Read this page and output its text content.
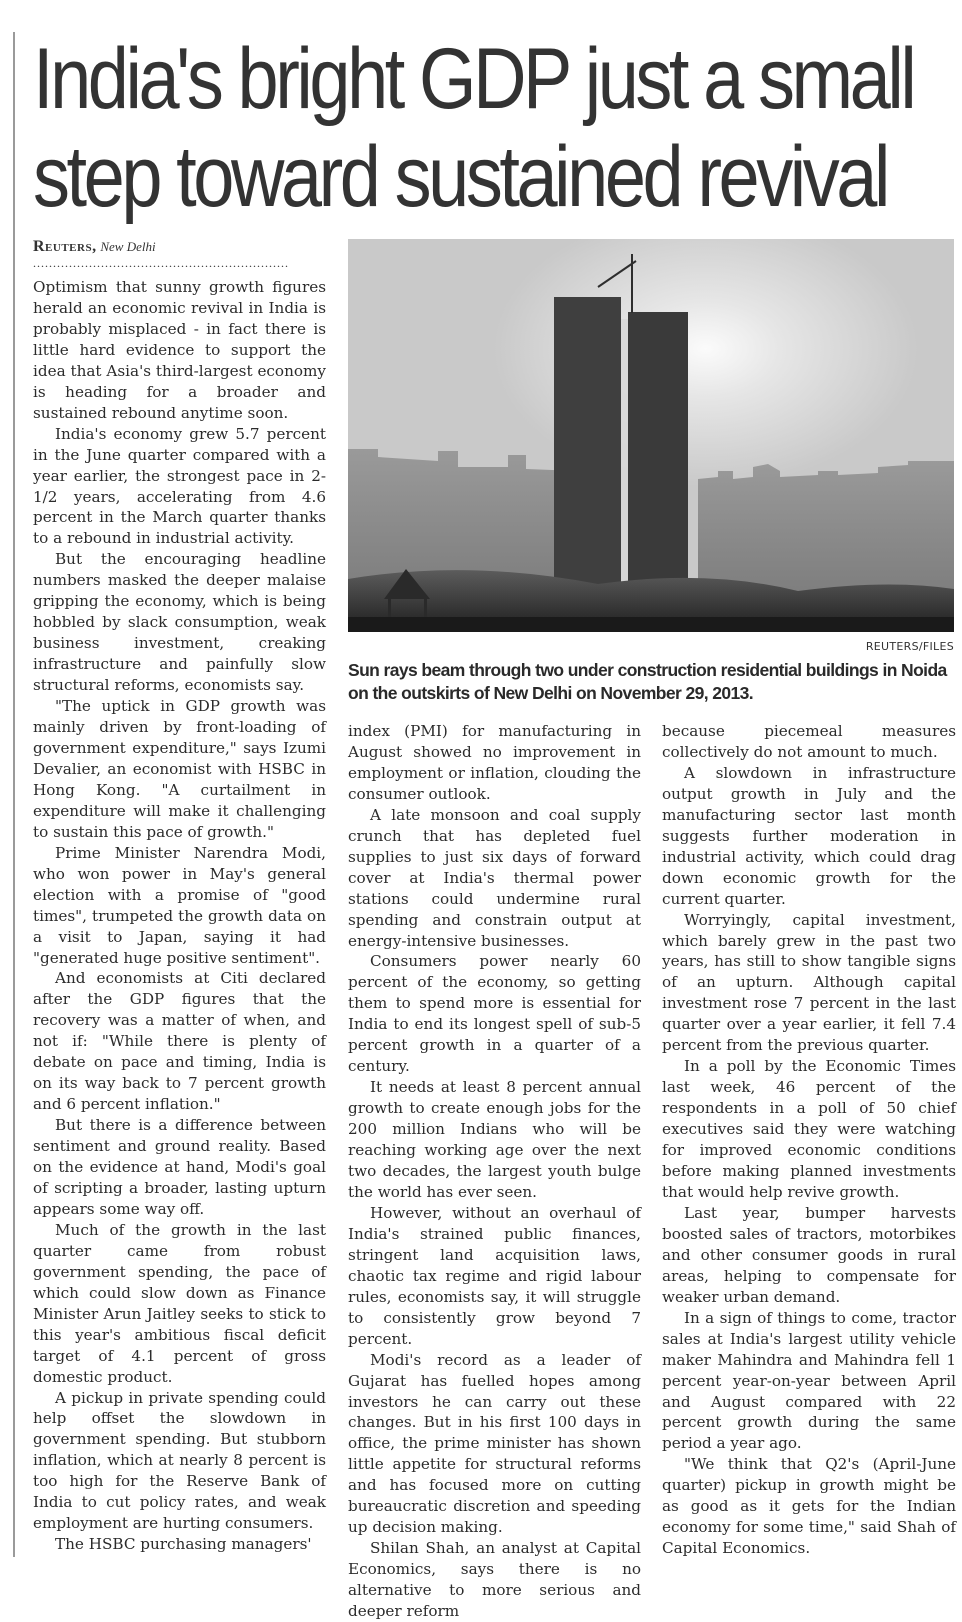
India's bright GDP just a small
step toward sustained revival
Reuters, New Delhi
................................................................

Optimism that sunny growth figures herald an economic revival in India is probably misplaced - in fact there is little hard evidence to support the idea that Asia's third-largest economy is heading for a broader and sustained rebound anytime soon.

India's economy grew 5.7 percent in the June quarter compared with a year earlier, the strongest pace in 2-1/2 years, accelerating from 4.6 percent in the March quarter thanks to a rebound in industrial activity.

But the encouraging headline numbers masked the deeper malaise gripping the economy, which is being hobbled by slack consumption, weak business investment, creaking infrastructure and painfully slow structural reforms, economists say.

"The uptick in GDP growth was mainly driven by front-loading of government expenditure," says Izumi Devalier, an economist with HSBC in Hong Kong. "A curtailment in expenditure will make it challenging to sustain this pace of growth."

Prime Minister Narendra Modi, who won power in May's general election with a promise of "good times", trumpeted the growth data on a visit to Japan, saying it had "generated huge positive sentiment".

And economists at Citi declared after the GDP figures that the recovery was a matter of when, and not if: "While there is plenty of debate on pace and timing, India is on its way back to 7 percent growth and 6 percent inflation."

But there is a difference between sentiment and ground reality. Based on the evidence at hand, Modi's goal of scripting a broader, lasting upturn appears some way off.

Much of the growth in the last quarter came from robust government spending, the pace of which could slow down as Finance Minister Arun Jaitley seeks to stick to this year's ambitious fiscal deficit target of 4.1 percent of gross domestic product.

A pickup in private spending could help offset the slowdown in government spending. But stubborn inflation, which at nearly 8 percent is too high for the Reserve Bank of India to cut policy rates, and weak employment are hurting consumers.

The HSBC purchasing managers'

REUTERS/FILES
Sun rays beam through two under construction residential buildings in Noida on the outskirts of New Delhi on November 29, 2013.

index (PMI) for manufacturing in August showed no improvement in employment or inflation, clouding the consumer outlook.

A late monsoon and coal supply crunch that has depleted fuel supplies to just six days of forward cover at India's thermal power stations could undermine rural spending and constrain output at energy-intensive businesses.

Consumers power nearly 60 percent of the economy, so getting them to spend more is essential for India to end its longest spell of sub-5 percent growth in a quarter of a century.

It needs at least 8 percent annual growth to create enough jobs for the 200 million Indians who will be reaching working age over the next two decades, the largest youth bulge the world has ever seen.

However, without an overhaul of India's strained public finances, stringent land acquisition laws, chaotic tax regime and rigid labour rules, economists say, it will struggle to consistently grow beyond 7 percent.

Modi's record as a leader of Gujarat has fuelled hopes among investors he can carry out these changes. But in his first 100 days in office, the prime minister has shown little appetite for structural reforms and has focused more on cutting bureaucratic discretion and speeding up decision making.

Shilan Shah, an analyst at Capital Economics, says there is no alternative to more serious and deeper reform

because piecemeal measures collectively do not amount to much.

A slowdown in infrastructure output growth in July and the manufacturing sector last month suggests further moderation in industrial activity, which could drag down economic growth for the current quarter.

Worryingly, capital investment, which barely grew in the past two years, has still to show tangible signs of an upturn. Although capital investment rose 7 percent in the last quarter over a year earlier, it fell 7.4 percent from the previous quarter.

In a poll by the Economic Times last week, 46 percent of the respondents in a poll of 50 chief executives said they were watching for improved economic conditions before making planned investments that would help revive growth.

Last year, bumper harvests boosted sales of tractors, motorbikes and other consumer goods in rural areas, helping to compensate for weaker urban demand.

In a sign of things to come, tractor sales at India's largest utility vehicle maker Mahindra and Mahindra fell 1 percent year-on-year between April and August compared with 22 percent growth during the same period a year ago.

"We think that Q2's (April-June quarter) pickup in growth might be as good as it gets for the Indian economy for some time," said Shah of Capital Economics.
